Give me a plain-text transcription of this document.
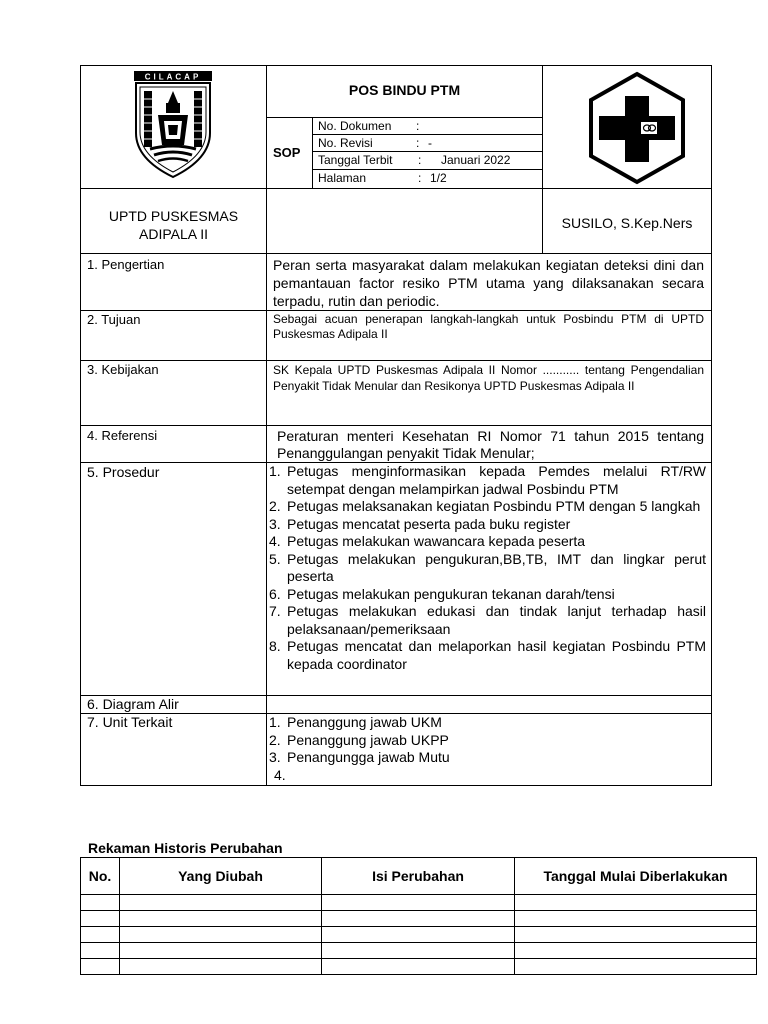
CILACAP
POS BINDU PTM
SOP
No. Dokumen :
No. Revisi	: -
Tanggal Terbit : Januari 2022
Halaman	: 1/2
UPTD PUSKESMAS
ADIPALA II
SUSILO, S.Kep.Ners
1. Pengertian	Peran serta masyarakat dalam melakukan kegiatan deteksi dini dan pemantauan factor resiko PTM utama yang dilaksanakan secara terpadu, rutin dan periodic.
2. Tujuan	Sebagai acuan penerapan langkah-langkah untuk Posbindu PTM di UPTD Puskesmas Adipala II
3. Kebijakan	SK Kepala UPTD Puskesmas Adipala II Nomor ........... tentang Pengendalian Penyakit Tidak Menular dan Resikonya UPTD Puskesmas Adipala II
4. Referensi	Peraturan menteri Kesehatan RI Nomor 71 tahun 2015 tentang Penanggulangan penyakit Tidak Menular;
5. Prosedur	1. Petugas menginformasikan kepada Pemdes melalui RT/RW setempat dengan melampirkan jadwal Posbindu PTM
2. Petugas melaksanakan kegiatan Posbindu PTM dengan 5 langkah
3. Petugas mencatat peserta pada buku register
4. Petugas melakukan wawancara kepada peserta
5. Petugas melakukan pengukuran,BB,TB, IMT dan lingkar perut peserta
6. Petugas melakukan pengukuran tekanan darah/tensi
7. Petugas melakukan edukasi dan tindak lanjut terhadap hasil pelaksanaan/pemeriksaan
8. Petugas mencatat dan melaporkan hasil kegiatan Posbindu PTM kepada coordinator
6. Diagram Alir
7. Unit Terkait	1. Penanggung jawab UKM
2. Penanggung jawab UKPP
3. Penangungga jawab Mutu
4.
Rekaman Historis Perubahan
No.	Yang Diubah	Isi Perubahan	Tanggal Mulai Diberlakukan
